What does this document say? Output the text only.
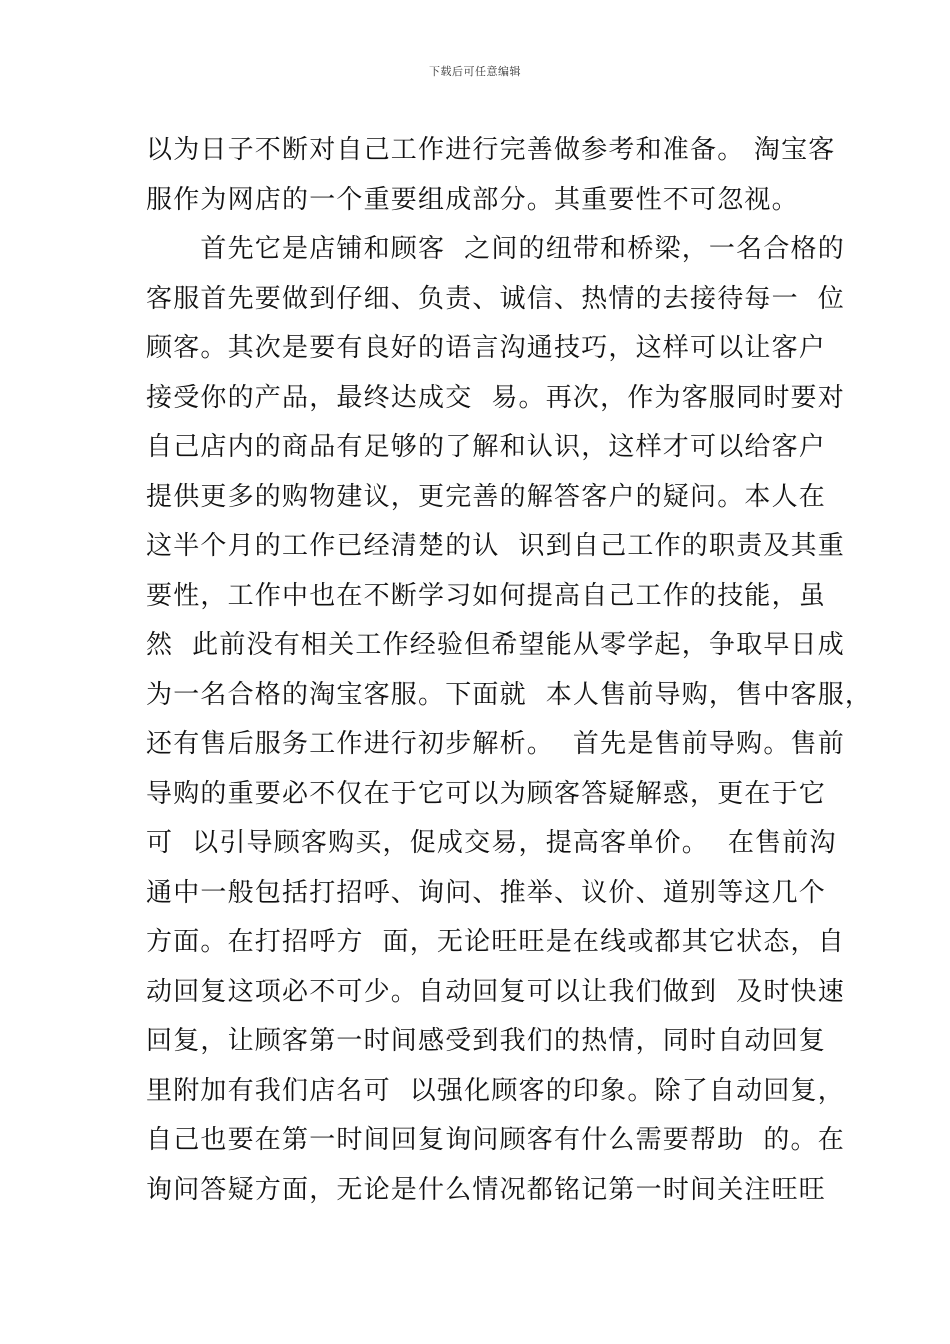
下载后可任意编辑
以为日子不断对自己工作进行完善做参考和准备。 淘宝客
服作为网店的一个重要组成部分。其重要性不可忽视。
　　首先它是店铺和顾客  之间的纽带和桥梁，一名合格的
客服首先要做到仔细、负责、诚信、热情的去接待每一  位
顾客。其次是要有良好的语言沟通技巧，这样可以让客户
接受你的产品，最终达成交  易。再次，作为客服同时要对
自己店内的商品有足够的了解和认识，这样才可以给客户
提供更多的购物建议，更完善的解答客户的疑问。本人在
这半个月的工作已经清楚的认  识到自己工作的职责及其重
要性，工作中也在不断学习如何提高自己工作的技能，虽
然  此前没有相关工作经验但希望能从零学起，争取早日成
为一名合格的淘宝客服。下面就  本人售前导购，售中客服，
还有售后服务工作进行初步解析。  首先是售前导购。售前
导购的重要必不仅在于它可以为顾客答疑解惑，更在于它
可  以引导顾客购买，促成交易，提高客单价。  在售前沟
通中一般包括打招呼、询问、推举、议价、道别等这几个
方面。在打招呼方  面，无论旺旺是在线或都其它状态，自
动回复这项必不可少。自动回复可以让我们做到  及时快速
回复，让顾客第一时间感受到我们的热情，同时自动回复
里附加有我们店名可  以强化顾客的印象。除了自动回复，
自己也要在第一时间回复询问顾客有什么需要帮助  的。在
询问答疑方面，无论是什么情况都铭记第一时间关注旺旺
